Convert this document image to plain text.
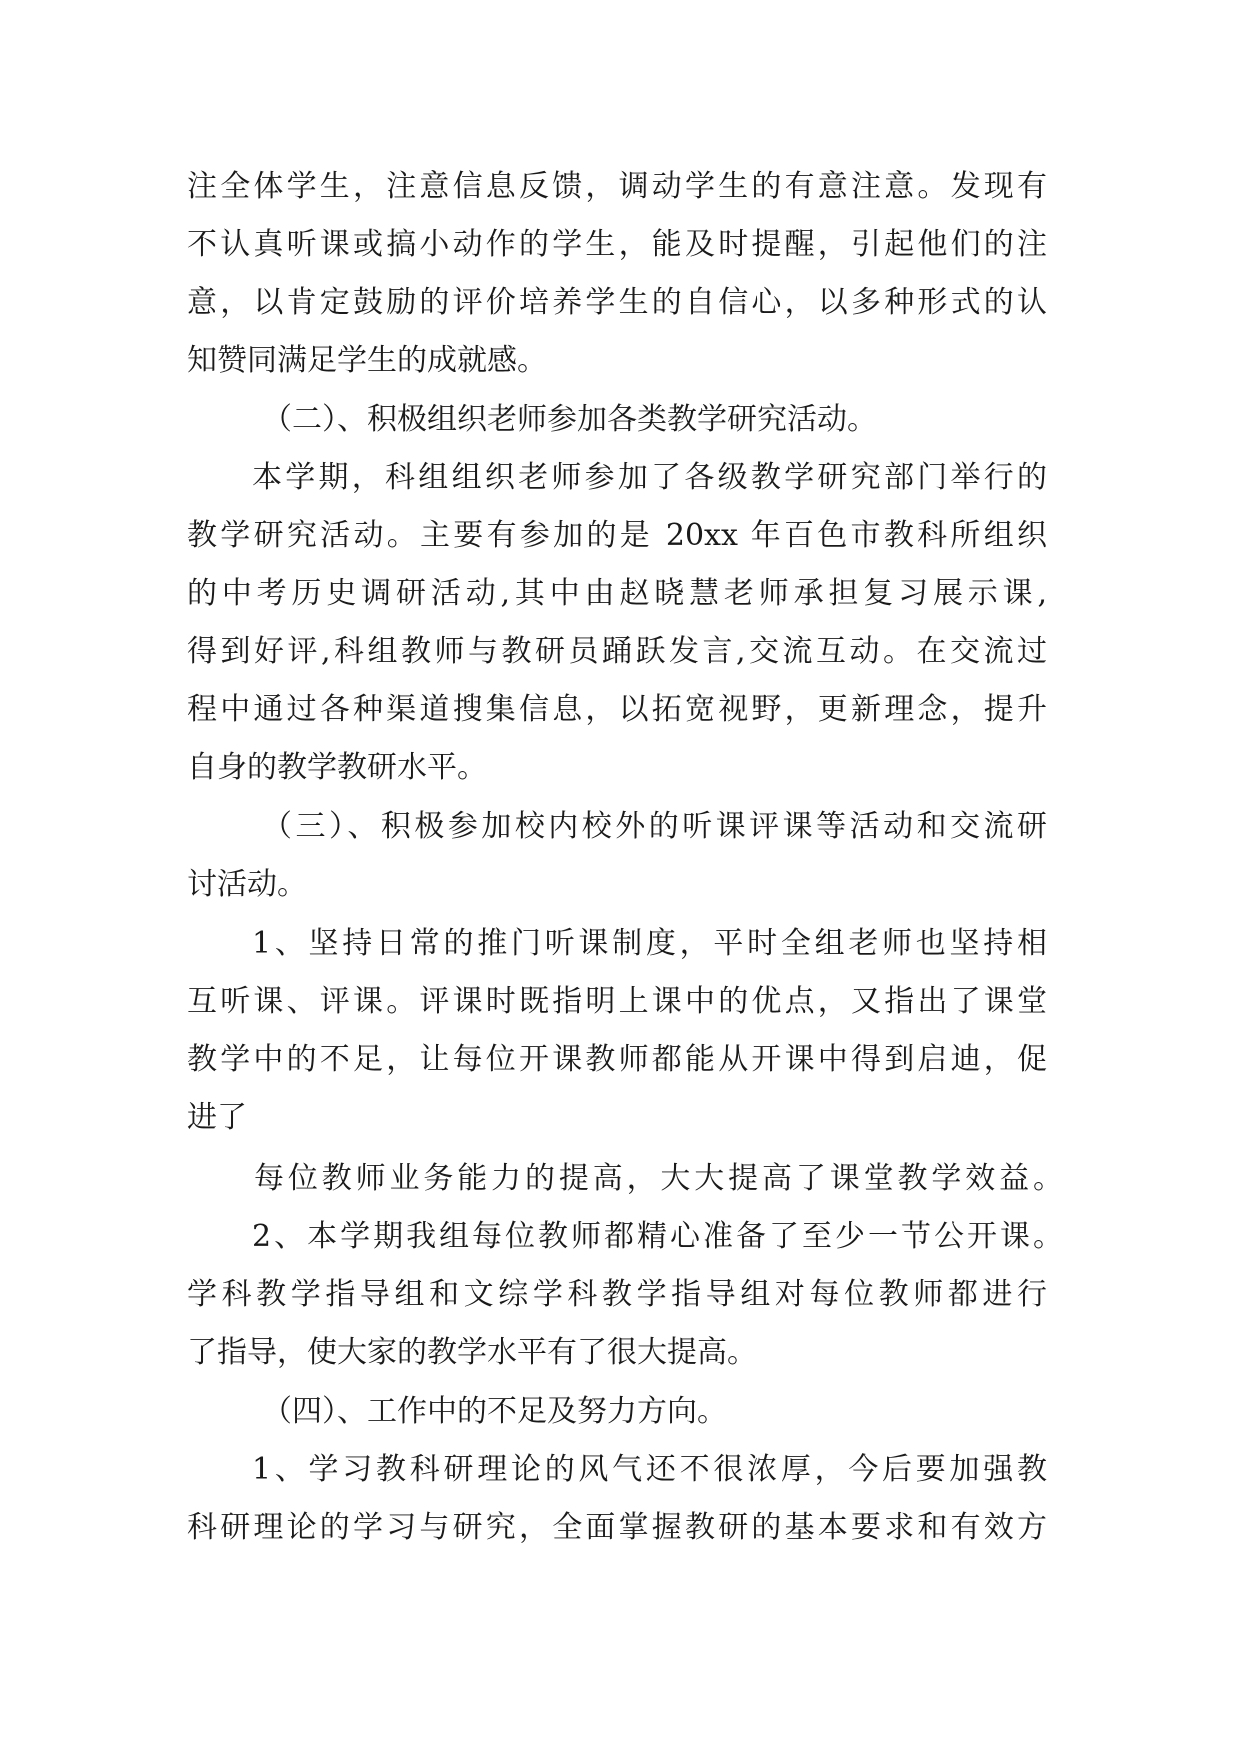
注全体学生，注意信息反馈，调动学生的有意注意。发现有
不认真听课或搞小动作的学生，能及时提醒，引起他们的注
意，以肯定鼓励的评价培养学生的自信心，以多种形式的认
知赞同满足学生的成就感。
（二）、积极组织老师参加各类教学研究活动。
本学期，科组组织老师参加了各级教学研究部门举行的
教学研究活动。主要有参加的是 20xx 年百色市教科所组织
的中考历史调研活动,其中由赵晓慧老师承担复习展示课,
得到好评,科组教师与教研员踊跃发言,交流互动。在交流过
程中通过各种渠道搜集信息，以拓宽视野，更新理念，提升
自身的教学教研水平。
（三）、积极参加校内校外的听课评课等活动和交流研
讨活动。
1、坚持日常的推门听课制度，平时全组老师也坚持相
互听课、评课。评课时既指明上课中的优点，又指出了课堂
教学中的不足，让每位开课教师都能从开课中得到启迪，促
进了
每位教师业务能力的提高，大大提高了课堂教学效益。
2、本学期我组每位教师都精心准备了至少一节公开课。
学科教学指导组和文综学科教学指导组对每位教师都进行
了指导，使大家的教学水平有了很大提高。
（四）、工作中的不足及努力方向。
1、学习教科研理论的风气还不很浓厚，今后要加强教
科研理论的学习与研究，全面掌握教研的基本要求和有效方
